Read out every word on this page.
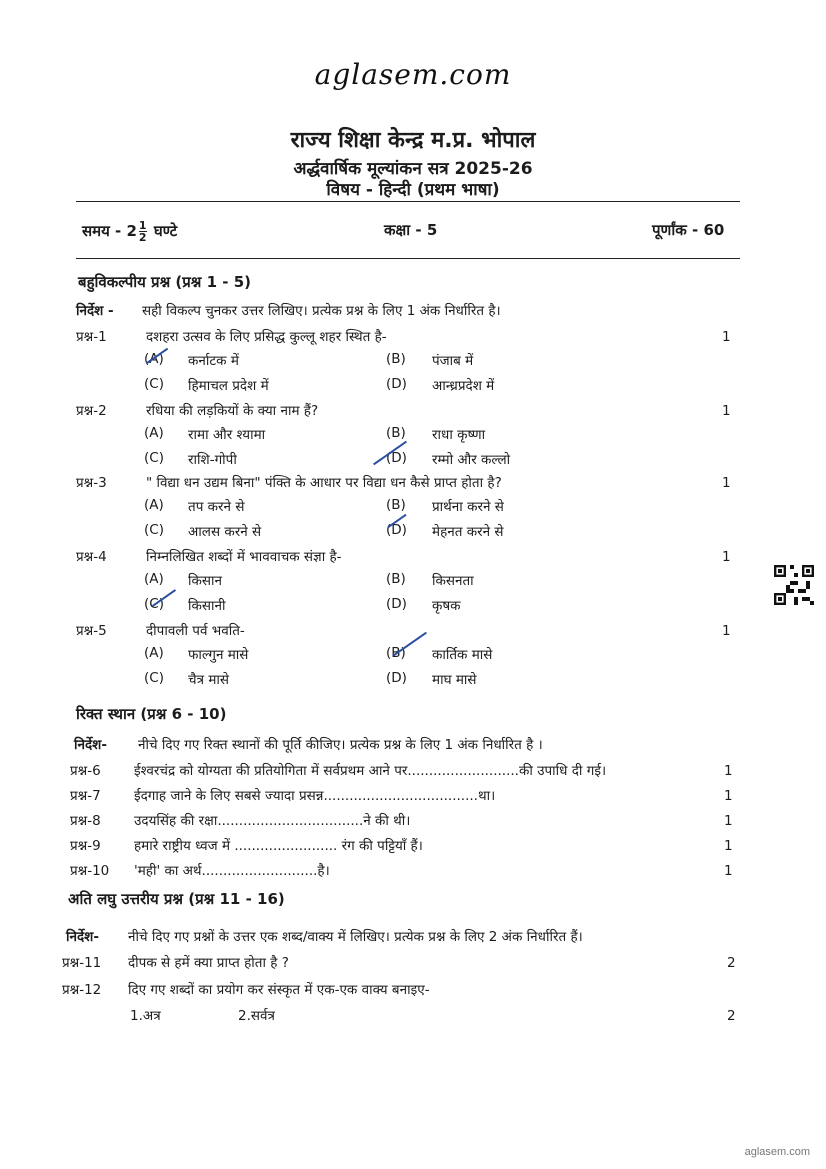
aglasem.com
राज्य शिक्षा केन्द्र म.प्र. भोपाल
अर्द्धवार्षिक मूल्यांकन सत्र 2025-26
विषय - हिन्दी (प्रथम भाषा)
समय - $2 \frac{1}{2}$ घण्टे	कक्षा - 5	पूर्णांक - 60
बहुविकल्पीय प्रश्न (प्रश्न 1 - 5)
निर्देश - सही विकल्प चुनकर उत्तर लिखिए। प्रत्येक प्रश्न के लिए 1 अंक निर्धारित है।
प्रश्न-1	दशहरा उत्सव के लिए प्रसिद्ध कुल्लू शहर स्थित है-	1
(A) कर्नाटक में	(B) पंजाब में
(C) हिमाचल प्रदेश में	(D) आन्ध्रप्रदेश में
प्रश्न-2	रधिया की लड़कियों के क्या नाम हैं?	1
(A) रामा और श्यामा	(B) राधा कृष्णा
(C) राशि-गोपी	(D) रम्मो और कल्लो
प्रश्न-3	" विद्या धन उद्यम बिना" पंक्ति के आधार पर विद्या धन कैसे प्राप्त होता है?	1
(A) तप करने से	(B) प्रार्थना करने से
(C) आलस करने से	(D) मेहनत करने से
प्रश्न-4	निम्नलिखित शब्दों में भाववाचक संज्ञा है-	1
(A) किसान	(B) किसनता
(C) किसानी	(D) कृषक
प्रश्न-5	दीपावली पर्व भवति-	1
(A) फाल्गुन मासे	(B) कार्तिक मासे
(C) चैत्र मासे	(D) माघ मासे
रिक्त स्थान (प्रश्न 6 - 10)
निर्देश- नीचे दिए गए रिक्त स्थानों की पूर्ति कीजिए। प्रत्येक प्रश्न के लिए 1 अंक निर्धारित है ।
प्रश्न-6 ईश्वरचंद्र को योग्यता की प्रतियोगिता में सर्वप्रथम आने पर..........................की उपाधि दी गई।	1
प्रश्न-7 ईदगाह जाने के लिए सबसे ज्यादा प्रसन्न....................................था।	1
प्रश्न-8 उदयसिंह की रक्षा..................................ने की थी।	1
प्रश्न-9 हमारे राष्ट्रीय ध्वज में ........................ रंग की पट्टियाँ हैं।	1
प्रश्न-10 'मही' का अर्थ...........................है।	1
अति लघु उत्तरीय प्रश्न (प्रश्न 11 - 16)
निर्देश- नीचे दिए गए प्रश्नों के उत्तर एक शब्द/वाक्य में लिखिए। प्रत्येक प्रश्न के लिए 2 अंक निर्धारित हैं।
प्रश्न-11 दीपक से हमें क्या प्राप्त होता है ?	2
प्रश्न-12 दिए गए शब्दों का प्रयोग कर संस्कृत में एक-एक वाक्य बनाइए-
1.अत्र	2.सर्वत्र	2
aglasem.com
